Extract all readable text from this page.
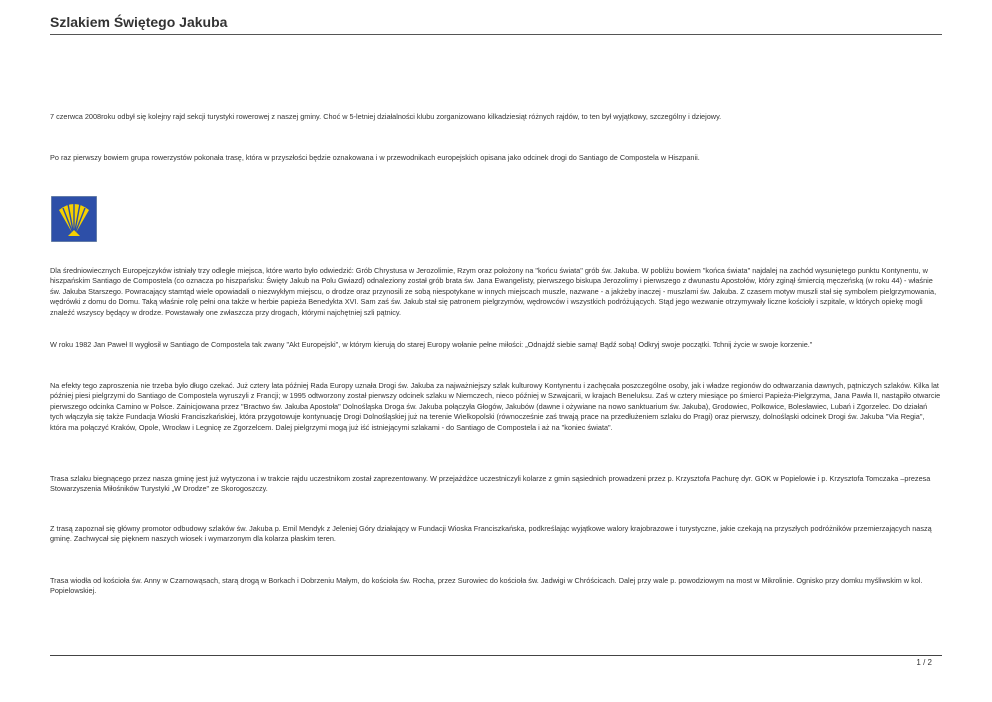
Szlakiem Świętego Jakuba
7 czerwca 2008roku odbył się kolejny rajd sekcji turystyki rowerowej z naszej gminy. Choć w 5-letniej działalności klubu zorganizowano kilkadziesiąt różnych rajdów, to ten był wyjątkowy, szczególny i dziejowy.
Po raz pierwszy bowiem grupa rowerzystów pokonała trasę, która w przyszłości będzie oznakowana i w przewodnikach europejskich opisana jako odcinek drogi do Santiago de Compostela w Hiszpanii.
Dla średniowiecznych Europejczyków istniały trzy odległe miejsca, które warto było odwiedzić: Grób Chrystusa w Jerozolimie, Rzym oraz położony na "końcu świata" grób św. Jakuba. W pobliżu bowiem "końca świata" najdalej na zachód wysuniętego punktu Kontynentu, w hiszpańskim Santiago de Compostela (co oznacza po hiszpańsku: Święty Jakub na Polu Gwiazd) odnaleziony został grób brata św. Jana Ewangelisty, pierwszego biskupa Jerozolimy i pierwszego z dwunastu Apostołów, który zginął śmiercią męczeńską (w roku 44) - właśnie św. Jakuba Starszego. Powracający stamtąd wiele opowiadali o niezwykłym miejscu, o drodze oraz przynosili ze sobą niespotykane w innych miejscach muszle, nazwane - a jakżeby inaczej - muszlami św. Jakuba. Z czasem motyw muszli stał się symbolem pielgrzymowania, wędrówki z domu do Domu. Taką właśnie rolę pełni ona także w herbie papieża Benedykta XVI. Sam zaś św. Jakub stał się patronem pielgrzymów, wędrowców i wszystkich podróżujących. Stąd jego wezwanie otrzymywały liczne kościoły i szpitale, w których opiekę mogli znaleźć wszyscy będący w drodze. Powstawały one zwłaszcza przy drogach, którymi najchętniej szli pątnicy.
W roku 1982 Jan Paweł II wygłosił w Santiago de Compostela tak zwany "Akt Europejski", w którym kierują do starej Europy wołanie pełne miłości: „Odnajdź siebie samą! Bądź sobą! Odkryj swoje początki. Tchnij życie w swoje korzenie."
Na efekty tego zaproszenia nie trzeba było długo czekać. Już cztery lata później Rada Europy uznała Drogi św. Jakuba za najważniejszy szlak kulturowy Kontynentu i zachęcała poszczególne osoby, jak i władze regionów do odtwarzania dawnych, pątniczych szlaków. Kilka lat później piesi pielgrzymi do Santiago de Compostela wyruszyli z Francji; w 1995 odtworzony został pierwszy odcinek szlaku w Niemczech, nieco później w Szwajcarii, w krajach Beneluksu. Zaś w cztery miesiące po śmierci Papieża-Pielgrzyma, Jana Pawła II, nastąpiło otwarcie pierwszego odcinka Camino w Polsce. Zainicjowana przez "Bractwo św. Jakuba Apostoła" Dolnośląska Droga św. Jakuba połączyła Głogów, Jakubów (dawne i ożywiane na nowo sanktuarium św. Jakuba), Grodowiec, Polkowice, Bolesławiec, Lubań i Zgorzelec. Do działań tych włączyła się także Fundacja Wioski Franciszkańskiej, która przygotowuje kontynuację Drogi Dolnośląskiej już na terenie Wielkopolski (równocześnie zaś trwają prace na przedłużeniem szlaku do Pragi) oraz pierwszy, dolnośląski odcinek Drogi św. Jakuba "Via Regia", która ma połączyć Kraków, Opole, Wrocław i Legnicę ze Zgorzelcem. Dalej pielgrzymi mogą już iść istniejącymi szlakami - do Santiago de Compostela i aż na "koniec świata".
Trasa szlaku biegnącego przez nasza gminę jest już wytyczona i w trakcie rajdu uczestnikom został zaprezentowany. W przejażdżce uczestniczyli kolarze z gmin sąsiednich prowadzeni przez p. Krzysztofa Pachurę dyr. GOK w Popielowie i p. Krzysztofa Tomczaka –prezesa Stowarzyszenia Miłośników Turystyki „W Drodze" ze Skorogoszczy.
Z trasą zapoznał się główny promotor odbudowy szlaków św. Jakuba p. Emil Mendyk z Jeleniej Góry działający w Fundacji Wioska Franciszkańska, podkreślając wyjątkowe walory krajobrazowe i turystyczne, jakie czekają na przyszłych podróżników przemierzających naszą gminę. Zachwycał się pięknem naszych wiosek i wymarzonym dla kolarza płaskim teren.
Trasa wiodła od kościoła św. Anny w Czarnowąsach, starą drogą w Borkach i Dobrzeniu Małym, do kościoła św. Rocha, przez Surowiec do kościoła św. Jadwigi w Chróścicach. Dalej przy wale p. powodziowym na most w Mikrolinie. Ognisko przy domku myśliwskim w kol. Popielowskiej.
1 / 2
